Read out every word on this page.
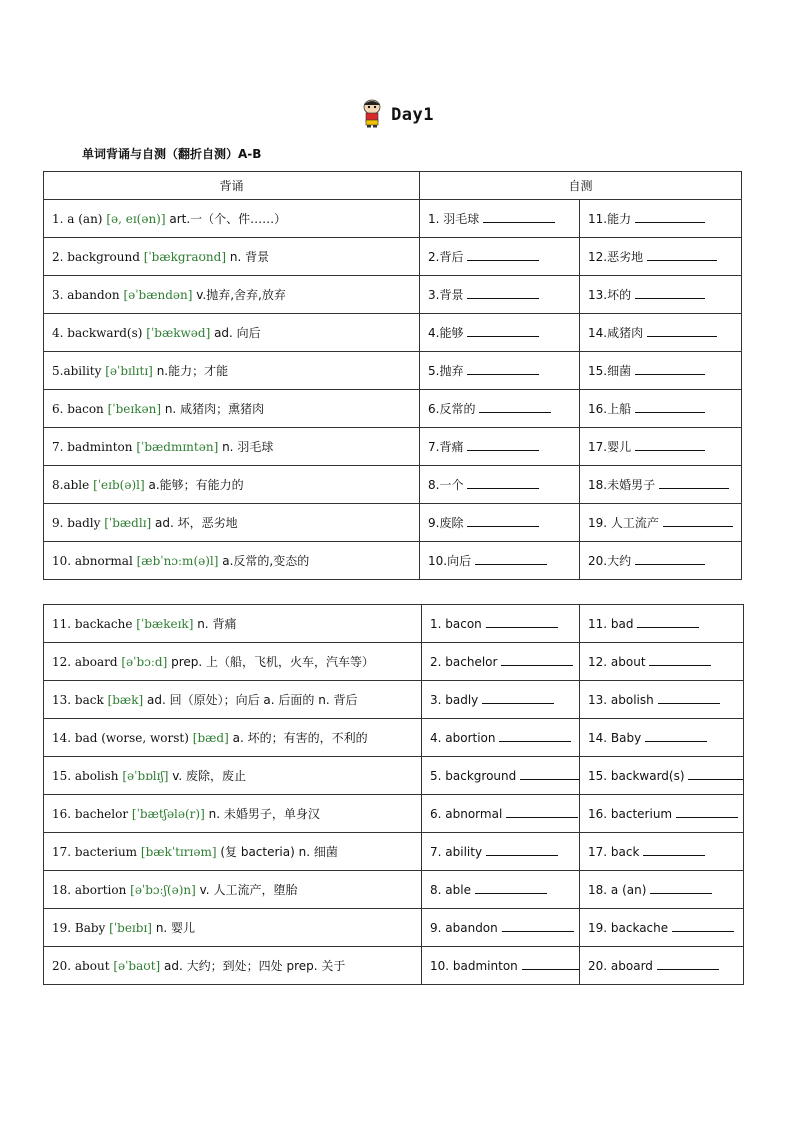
Day1
单词背诵与自测（翻折自测）A-B
背诵	自测	
1. a (an) [ə, eɪ(ən)] art.一（个、件……）	1. 羽毛球	11.能力
2. background [ˈbækgraʊnd] n. 背景	2.背后	12.恶劣地
3. abandon [əˈbændən] v.抛弃,舍弃,放弃	3.背景	13.坏的
4. backward(s) [ˈbækwəd] ad. 向后	4.能够	14.咸猪肉
5.ability [əˈbɪlɪtɪ] n.能力；才能	5.抛弃	15.细菌
6. bacon [ˈbeɪkən] n. 咸猪肉；熏猪肉	6.反常的	16.上船
7. badminton [ˈbædmɪntən] n. 羽毛球	7.背痛	17.婴儿
8.able [ˈeɪb(ə)l] a.能够；有能力的	8.一个	18.未婚男子
9. badly [ˈbædlɪ] ad. 坏，恶劣地	9.废除	19. 人工流产
10. abnormal [æbˈnɔːm(ə)l] a.反常的,变态的	10.向后	20.大约
11. backache [ˈbækeɪk] n. 背痛	1. bacon	11. bad
12. aboard [əˈbɔːd] prep. 上（船，飞机，火车，汽车等）	2. bachelor	12. about
13. back [bæk] ad. 回（原处）；向后 a. 后面的 n. 背后	3. badly	13. abolish
14. bad (worse, worst) [bæd] a. 坏的；有害的，不利的	4. abortion	14. Baby
15. abolish [əˈbɒlɪʃ] v. 废除，废止	5. background	15. backward(s)
16. bachelor [ˈbætʃələ(r)] n. 未婚男子，单身汉	6. abnormal	16. bacterium
17. bacterium [bækˈtɪrɪəm] (复 bacteria) n. 细菌	7. ability	17. back
18. abortion [əˈbɔːʃ(ə)n] v. 人工流产，堕胎	8. able	18. a (an)
19. Baby [ˈbeɪbɪ] n. 婴儿	9. abandon	19. backache
20. about [əˈbaʊt] ad. 大约；到处；四处 prep. 关于	10. badminton	20. aboard
